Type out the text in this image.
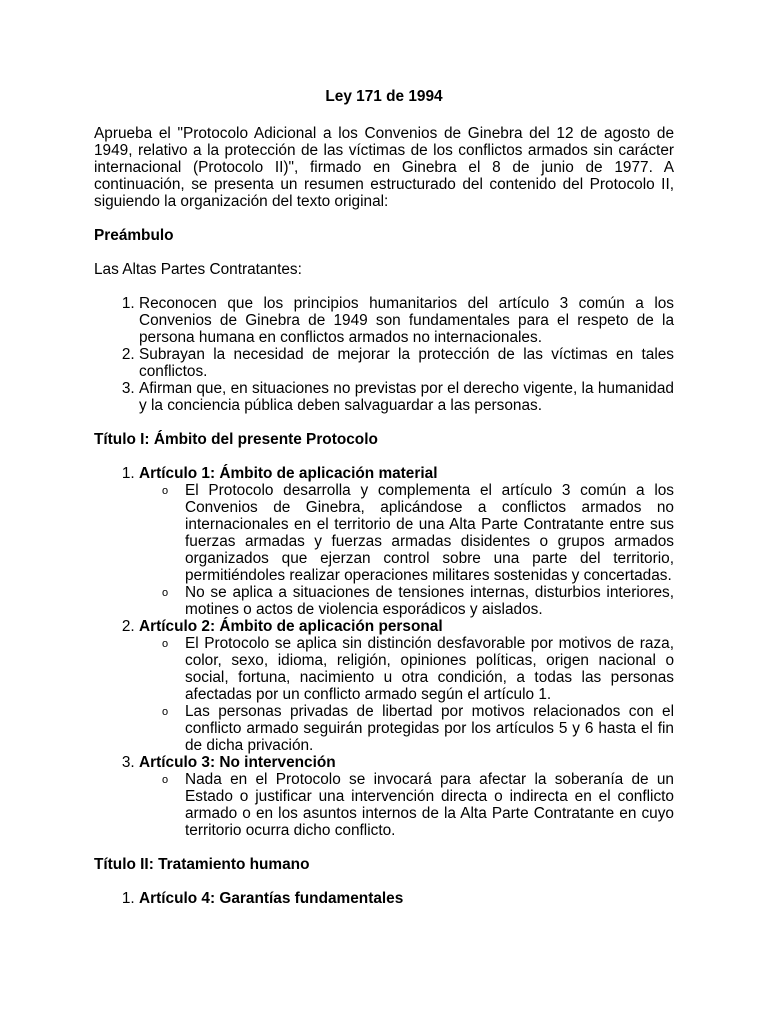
Ley 171 de 1994

Aprueba el "Protocolo Adicional a los Convenios de Ginebra del 12 de agosto de 1949, relativo a la protección de las víctimas de los conflictos armados sin carácter internacional (Protocolo II)", firmado en Ginebra el 8 de junio de 1977. A continuación, se presenta un resumen estructurado del contenido del Protocolo II, siguiendo la organización del texto original:

Preámbulo

Las Altas Partes Contratantes:

1. Reconocen que los principios humanitarios del artículo 3 común a los Convenios de Ginebra de 1949 son fundamentales para el respeto de la persona humana en conflictos armados no internacionales.
2. Subrayan la necesidad de mejorar la protección de las víctimas en tales conflictos.
3. Afirman que, en situaciones no previstas por el derecho vigente, la humanidad y la conciencia pública deben salvaguardar a las personas.
Título I: Ámbito del presente Protocolo
1. Artículo 1: Ámbito de aplicación material
o El Protocolo desarrolla y complementa el artículo 3 común a los Convenios de Ginebra, aplicándose a conflictos armados no internacionales en el territorio de una Alta Parte Contratante entre sus fuerzas armadas y fuerzas armadas disidentes o grupos armados organizados que ejerzan control sobre una parte del territorio, permitiéndoles realizar operaciones militares sostenidas y concertadas.
o No se aplica a situaciones de tensiones internas, disturbios interiores, motines o actos de violencia esporádicos y aislados.
2. Artículo 2: Ámbito de aplicación personal
o El Protocolo se aplica sin distinción desfavorable por motivos de raza, color, sexo, idioma, religión, opiniones políticas, origen nacional o social, fortuna, nacimiento u otra condición, a todas las personas afectadas por un conflicto armado según el artículo 1.
o Las personas privadas de libertad por motivos relacionados con el conflicto armado seguirán protegidas por los artículos 5 y 6 hasta el fin de dicha privación.
3. Artículo 3: No intervención
o Nada en el Protocolo se invocará para afectar la soberanía de un Estado o justificar una intervención directa o indirecta en el conflicto armado o en los asuntos internos de la Alta Parte Contratante en cuyo territorio ocurra dicho conflicto.
Título II: Tratamiento humano
1. Artículo 4: Garantías fundamentales
